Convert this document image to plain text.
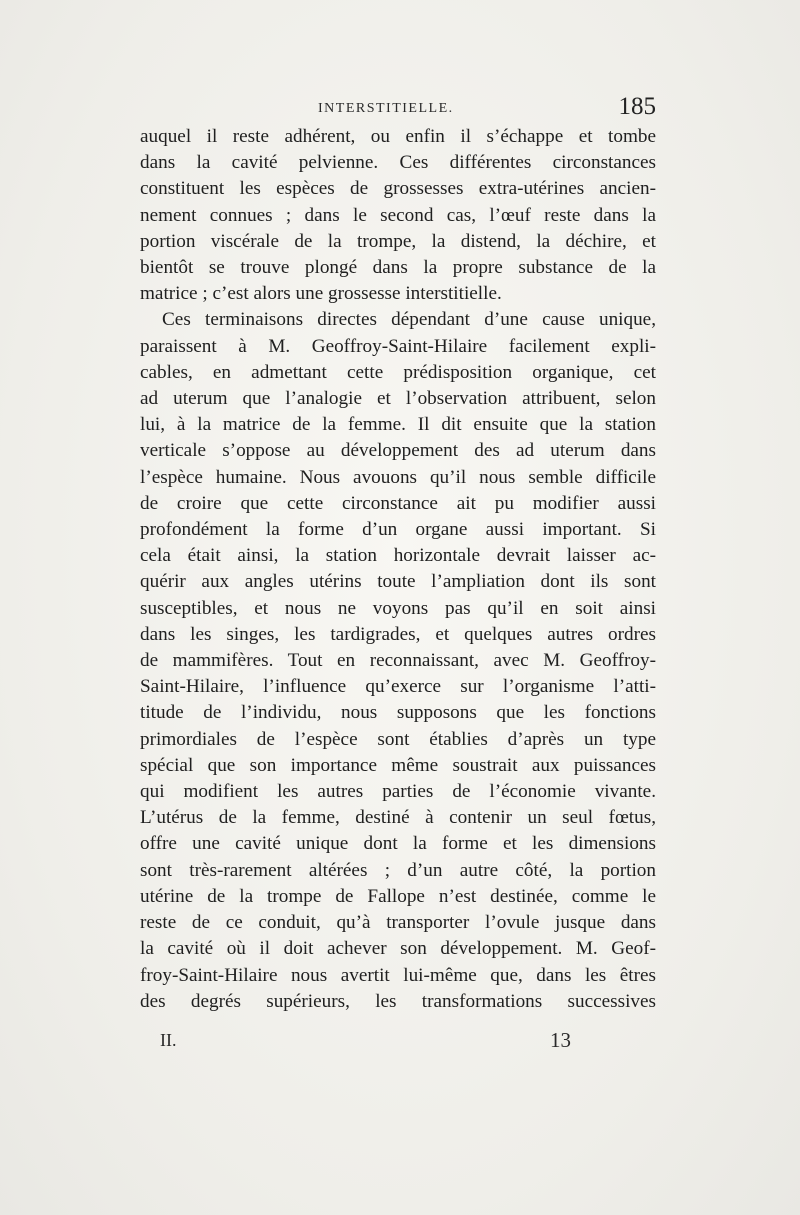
INTERSTITIELLE.	185
auquel il reste adhérent, ou enfin il s’échappe et tombe
dans la cavité pelvienne. Ces différentes circonstances
constituent les espèces de grossesses extra-utérines ancien-
nement connues ; dans le second cas, l’œuf reste dans la
portion viscérale de la trompe, la distend, la déchire, et
bientôt se trouve plongé dans la propre substance de la
matrice ; c’est alors une grossesse interstitielle.
Ces terminaisons directes dépendant d’une cause unique,
paraissent à M. Geoffroy-Saint-Hilaire facilement expli-
cables, en admettant cette prédisposition organique, cet
ad uterum que l’analogie et l’observation attribuent, selon
lui, à la matrice de la femme. Il dit ensuite que la station
verticale s’oppose au développement des ad uterum dans
l’espèce humaine. Nous avouons qu’il nous semble difficile
de croire que cette circonstance ait pu modifier aussi
profondément la forme d’un organe aussi important. Si
cela était ainsi, la station horizontale devrait laisser ac-
quérir aux angles utérins toute l’ampliation dont ils sont
susceptibles, et nous ne voyons pas qu’il en soit ainsi
dans les singes, les tardigrades, et quelques autres ordres
de mammifères. Tout en reconnaissant, avec M. Geoffroy-
Saint-Hilaire, l’influence qu’exerce sur l’organisme l’atti-
titude de l’individu, nous supposons que les fonctions
primordiales de l’espèce sont établies d’après un type
spécial que son importance même soustrait aux puissances
qui modifient les autres parties de l’économie vivante.
L’utérus de la femme, destiné à contenir un seul fœtus,
offre une cavité unique dont la forme et les dimensions
sont très-rarement altérées ; d’un autre côté, la portion
utérine de la trompe de Fallope n’est destinée, comme le
reste de ce conduit, qu’à transporter l’ovule jusque dans
la cavité où il doit achever son développement. M. Geof-
froy-Saint-Hilaire nous avertit lui-même que, dans les êtres
des degrés supérieurs, les transformations successives
II.	13
